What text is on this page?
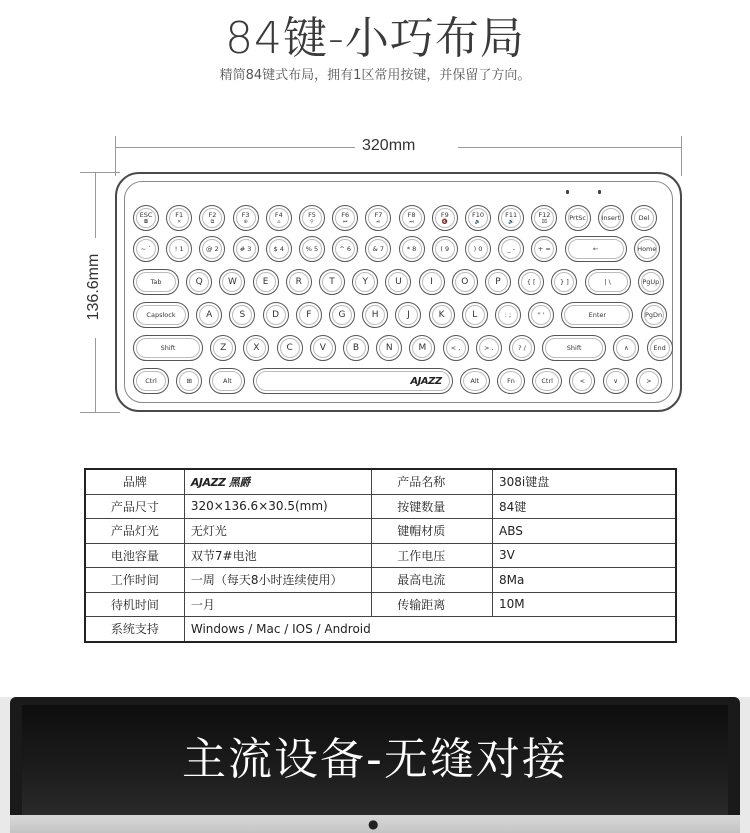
84键-小巧布局
精简84键式布局，拥有1区常用按键，并保留了方向。
320mm
136.6mm
ESC
◘
F1
✕
F2
⧉
F3
⊕
F4
⌂
F5
⚲
F6
⏮
F7
⏯
F8
⏭
F9
🔇
F10
🔉
F11
🔊
F12
⌧	PrtSc Insert	Del
~ `	! 1	@ 2	# 3	$ 4	% 5	^ 6	& 7	* 8	( 9	) 0	_ -	+ =	←	Home
Tab	Q	W	E	R	T	Y	U	I	O	P	{ [	} ]	| \	PgUp
Capslock	A	S	D	F	G	H	J	K	L	: ;	" '	Enter	PgDn
Shift	Z	X	C	V	B	N	M	< ,	> .	? /	Shift	∧	End
Ctrl	⊞	Alt	AJAZZ	Alt	Fn	Ctrl	<	∨	>
品牌	AJAZZ 黑爵	产品名称	308i键盘
产品尺寸	320×136.6×30.5(mm)	按键数量	84键
产品灯光	无灯光	键帽材质	ABS
电池容量	双节7#电池	工作电压	3V
工作时间	一周（每天8小时连续使用）	最高电流	8Ma
待机时间	一月	传输距离	10M
系统支持	Windows / Mac / IOS / Android		
●
主流设备-无缝对接
